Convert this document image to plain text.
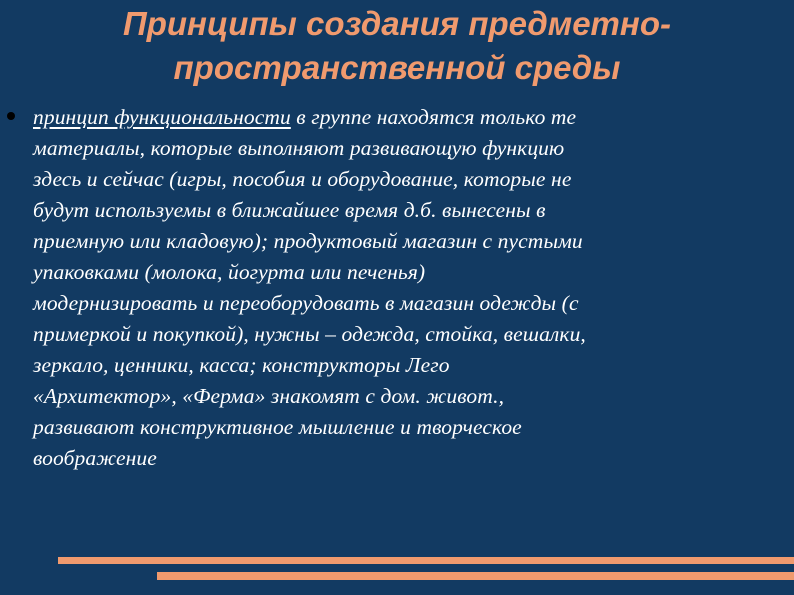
Принципы создания предметно-
пространственной среды

принцип функциональности в группе находятся только те
материалы, которые выполняют развивающую функцию
здесь и сейчас (игры, пособия и оборудование, которые не
будут используемы в ближайшее время д.б. вынесены в
приемную или кладовую); продуктовый магазин с пустыми
упаковками (молока, йогурта или печенья)
модернизировать и переоборудовать в магазин одежды (с
примеркой и покупкой), нужны – одежда, стойка, вешалки,
зеркало, ценники, касса; конструкторы Лего
«Архитектор», «Ферма» знакомят с дом. живот.,
развивают конструктивное мышление и творческое
воображение
